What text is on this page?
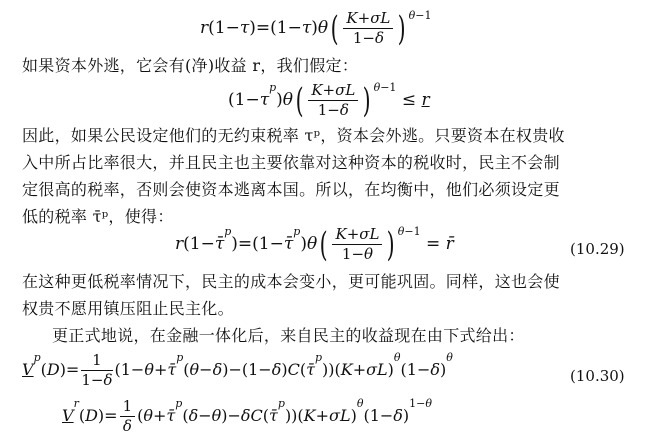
$r(1-\tau)=(1-\tau)\theta( \frac{K+\sigma L}{1-\delta}$ ) $^{\theta-1}$
如果资本外逃，它会有(净)收益 r，我们假定：
$(1-\tau^p)\theta( \frac{K+\sigma L}{1-\delta}$ ) $^{\theta-1}$ ≤ r
因此，如果公民设定他们的无约束税率 τᵖ，资本会外逃。只要资本在权贵收
入中所占比率很大，并且民主也主要依靠对这种资本的税收时，民主不会制
定很高的税率，否则会使资本逃离本国。所以，在均衡中，他们必须设定更
低的税率 τ̄ᵖ，使得：
r(1−τ̄$^p$)=(1−τ̄$^p$)θ( $\frac{K+\sigma L}{1-\theta}$ ) $^{\theta-1}$ = r̄	(10.29)
在这种更低税率情况下，民主的成本会变小，更可能巩固。同样，这也会使
权贵不愿用镇压阻止民主化。
更正式地说，在金融一体化后，来自民主的收益现在由下式给出：
$V^p(D)= \frac{1}{1-\delta}$ $(1-\theta+\taū^p(\theta-\delta)-(1-\delta)C(\taū^p))(K+\sigma L)^\theta(1-\delta)^\theta$
(10.30)
$V^r(D)= \frac{1}{\delta}$ $(\theta+\taū^p(\delta-\theta)-\delta C(\taū^p))(K+\sigma L)^\theta(1-\delta)^{1-\theta}$
